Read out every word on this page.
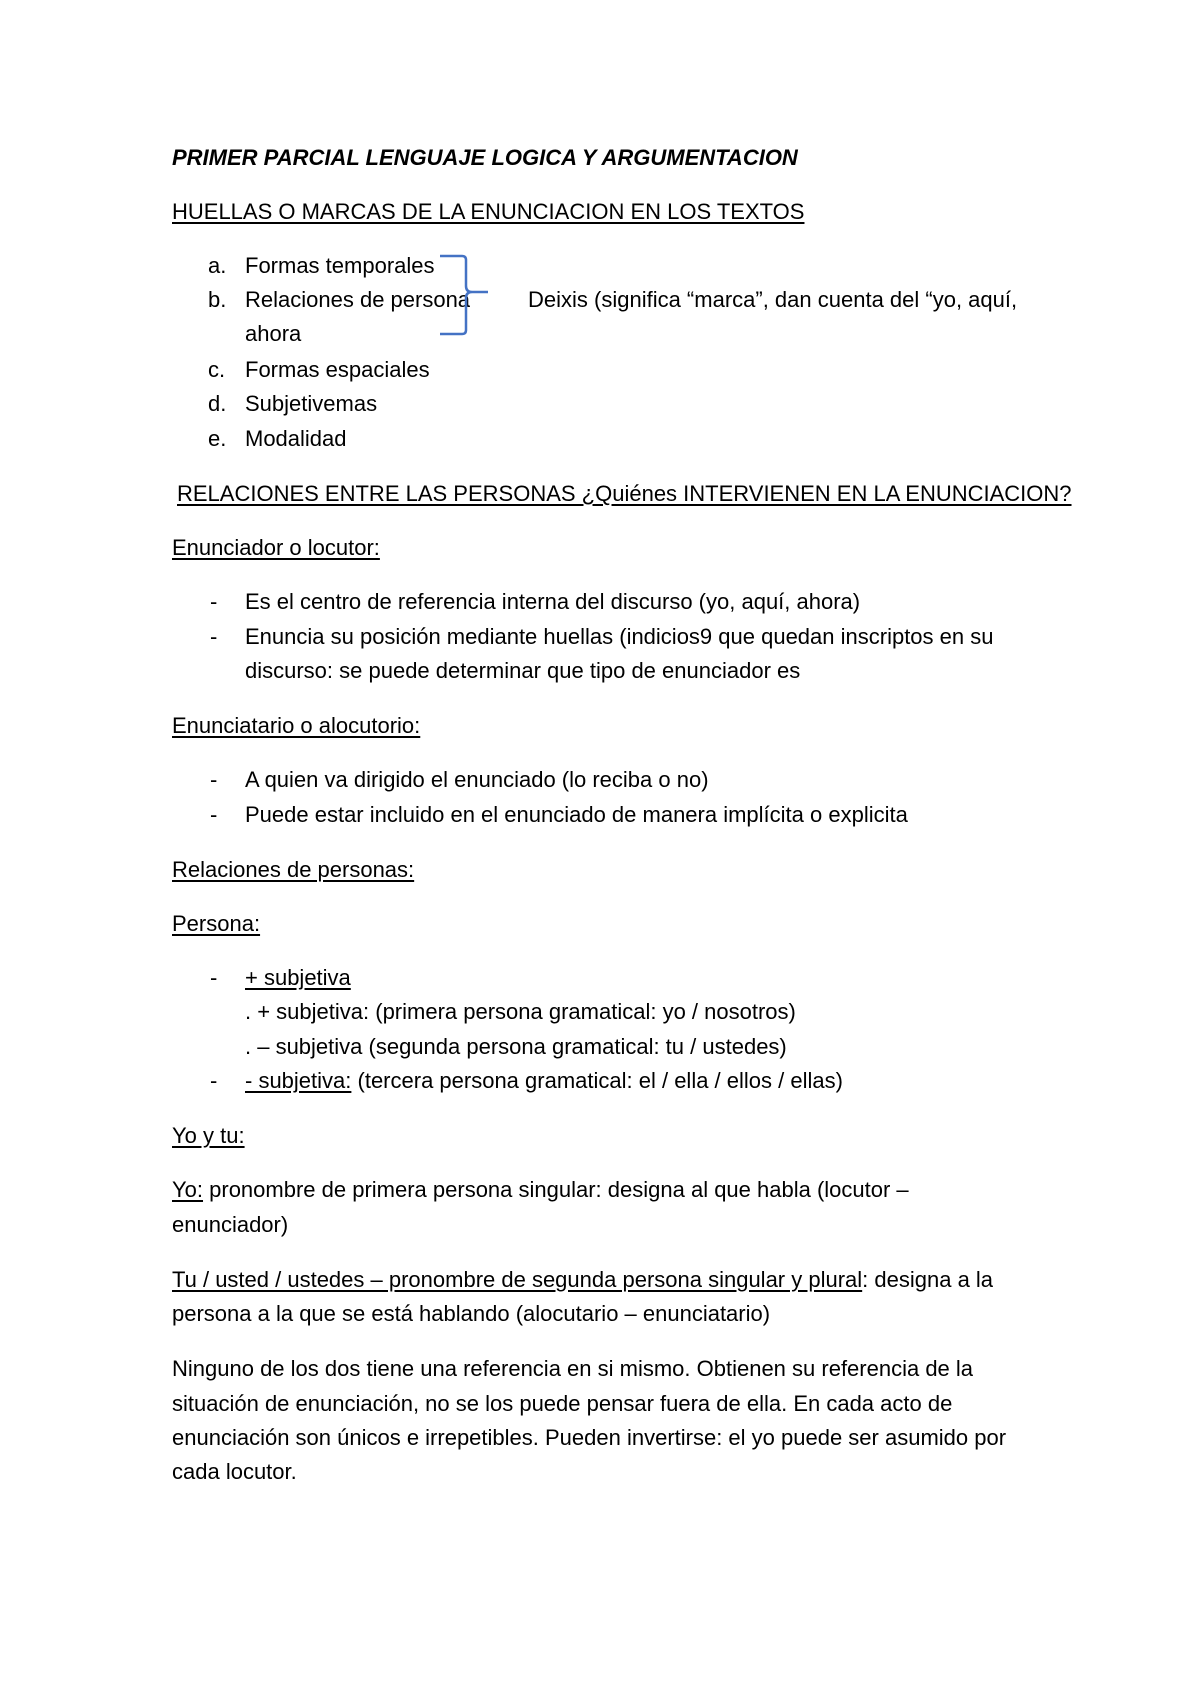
PRIMER PARCIAL LENGUAJE LOGICA Y ARGUMENTACION
HUELLAS O MARCAS DE LA ENUNCIACION EN LOS TEXTOS
a. Formas temporales
b. Relaciones de persona
ahora
c. Formas espaciales
d. Subjetivemas
e. Modalidad
Deixis (significa “marca”, dan cuenta del “yo, aquí,
RELACIONES ENTRE LAS PERSONAS ¿Quiénes INTERVIENEN EN LA ENUNCIACION?
Enunciador o locutor:
- Es el centro de referencia interna del discurso (yo, aquí, ahora)
- Enuncia su posición mediante huellas (indicios9 que quedan inscriptos en su
discurso: se puede determinar que tipo de enunciador es
Enunciatario o alocutorio:
- A quien va dirigido el enunciado (lo reciba o no)
- Puede estar incluido en el enunciado de manera implícita o explicita
Relaciones de personas:
Persona:
- + subjetiva
. + subjetiva: (primera persona gramatical: yo / nosotros)
. – subjetiva (segunda persona gramatical: tu / ustedes)
- - subjetiva: (tercera persona gramatical: el / ella / ellos / ellas)
Yo y tu:
Yo: pronombre de primera persona singular: designa al que habla (locutor –
enunciador)
Tu / usted / ustedes – pronombre de segunda persona singular y plural: designa a la
persona a la que se está hablando (alocutario – enunciatario)
Ninguno de los dos tiene una referencia en si mismo. Obtienen su referencia de la
situación de enunciación, no se los puede pensar fuera de ella. En cada acto de
enunciación son únicos e irrepetibles. Pueden invertirse: el yo puede ser asumido por
cada locutor.
